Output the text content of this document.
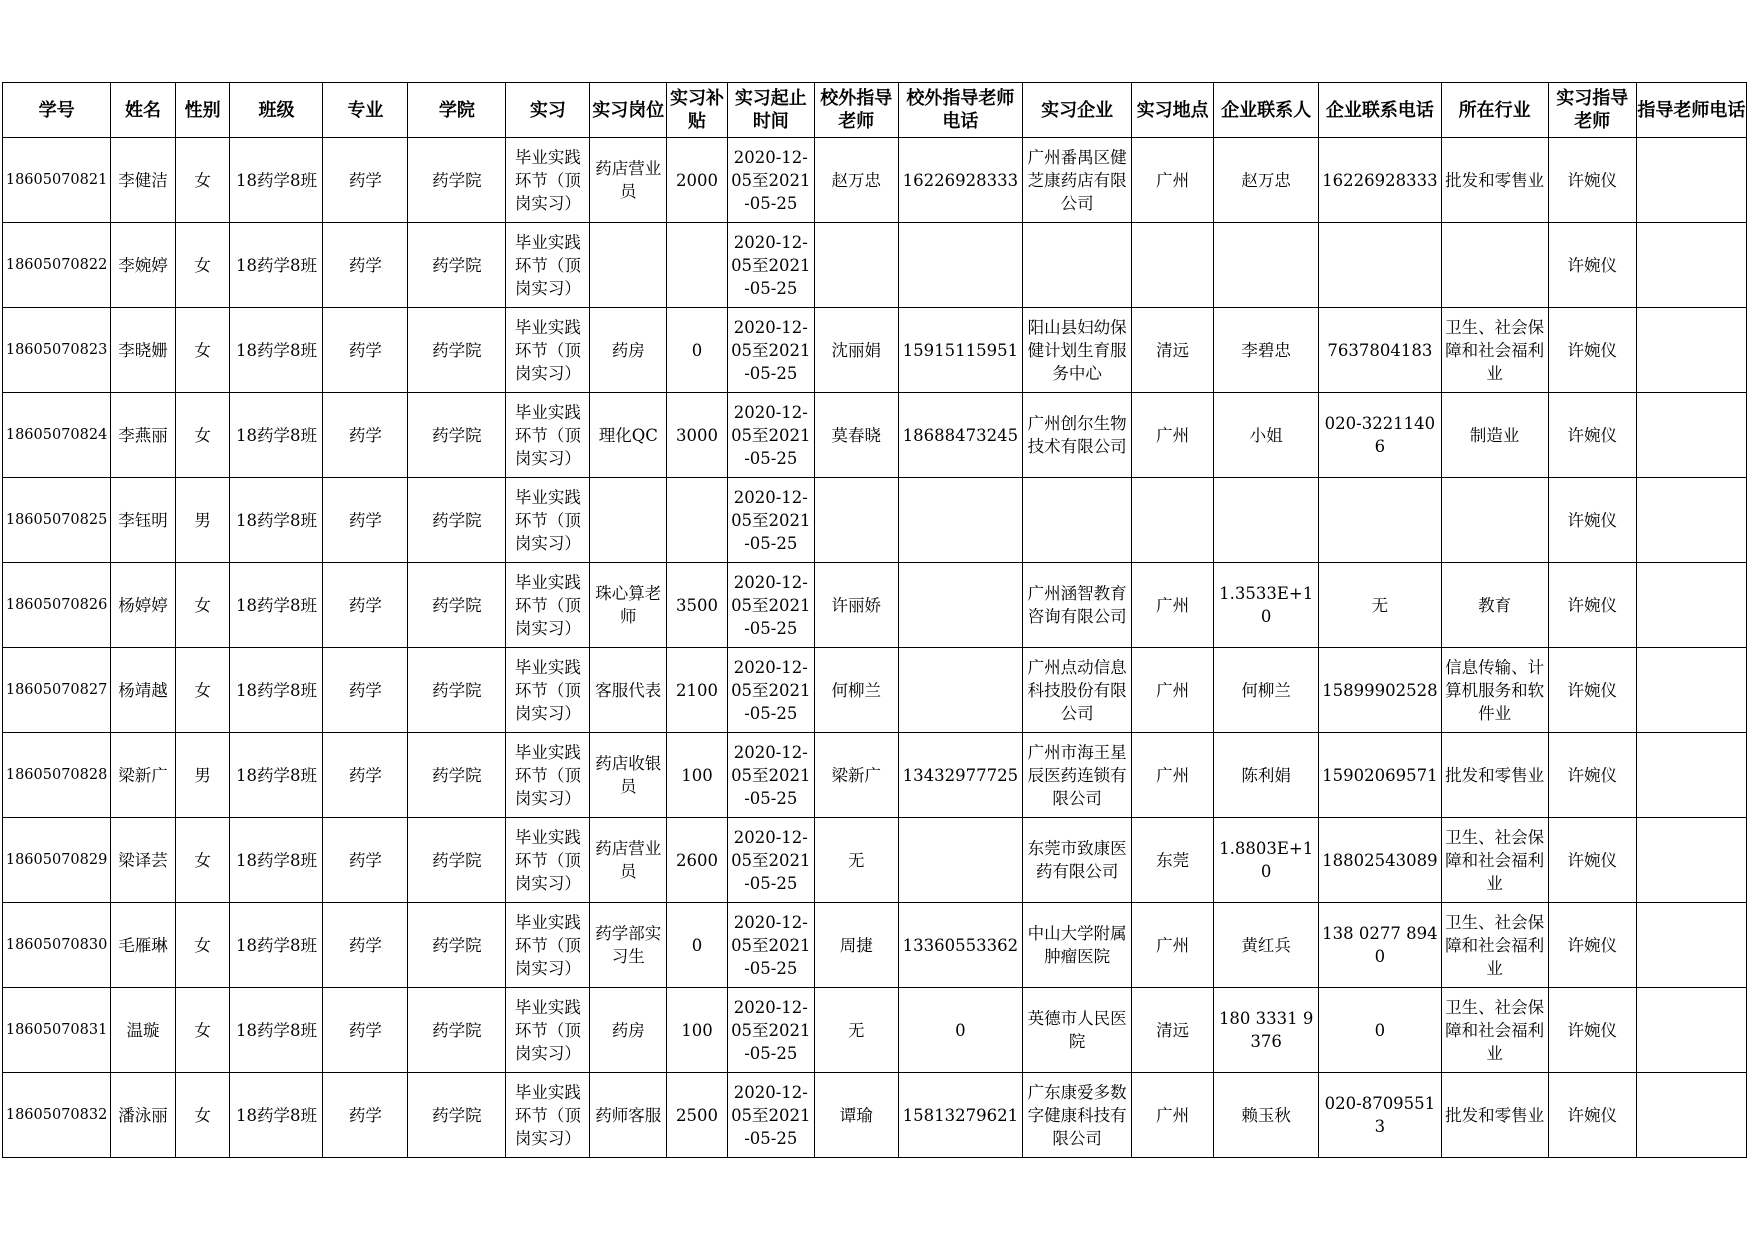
学号	姓名	性别	班级	专业	学院	实习	实习岗位	实习补贴	实习起止时间	校外指导老师	校外指导老师电话	实习企业	实习地点	企业联系人	企业联系电话	所在行业	实习指导老师	指导老师电话

18605070821	李健洁	女	18药学8班	药学	药学院	毕业实践环节（顶岗实习）	药店营业员	2000	2020-12-05至2021-05-25	赵万忠	16226928333	广州番禺区健芝康药店有限公司	广州	赵万忠	16226928333	批发和零售业	许婉仪	

18605070822	李婉婷	女	18药学8班	药学	药学院	毕业实践环节（顶岗实习）			2020-12-05至2021-05-25								许婉仪	

18605070823	李晓姗	女	18药学8班	药学	药学院	毕业实践环节（顶岗实习）	药房	0	2020-12-05至2021-05-25	沈丽娟	15915115951	阳山县妇幼保健计划生育服务中心	清远	李碧忠	7637804183	卫生、社会保障和社会福利业	许婉仪	

18605070824	李燕丽	女	18药学8班	药学	药学院	毕业实践环节（顶岗实习）	理化QC	3000	2020-12-05至2021-05-25	莫春晓	18688473245	广州创尔生物技术有限公司	广州	小姐	020-32211406	制造业	许婉仪	

18605070825	李钰明	男	18药学8班	药学	药学院	毕业实践环节（顶岗实习）			2020-12-05至2021-05-25								许婉仪	

18605070826	杨婷婷	女	18药学8班	药学	药学院	毕业实践环节（顶岗实习）	珠心算老师	3500	2020-12-05至2021-05-25	许丽娇		广州涵智教育咨询有限公司	广州	1.3533E+10	无	教育	许婉仪	

18605070827	杨靖越	女	18药学8班	药学	药学院	毕业实践环节（顶岗实习）	客服代表	2100	2020-12-05至2021-05-25	何柳兰		广州点动信息科技股份有限公司	广州	何柳兰	15899902528	信息传输、计算机服务和软件业	许婉仪	

18605070828	梁新广	男	18药学8班	药学	药学院	毕业实践环节（顶岗实习）	药店收银员	100	2020-12-05至2021-05-25	梁新广	13432977725	广州市海王星辰医药连锁有限公司	广州	陈利娟	15902069571	批发和零售业	许婉仪	

18605070829	梁译芸	女	18药学8班	药学	药学院	毕业实践环节（顶岗实习）	药店营业员	2600	2020-12-05至2021-05-25	无		东莞市致康医药有限公司	东莞	1.8803E+10	18802543089	卫生、社会保障和社会福利业	许婉仪	

18605070830	毛雁琳	女	18药学8班	药学	药学院	毕业实践环节（顶岗实习）	药学部实习生	0	2020-12-05至2021-05-25	周捷	13360553362	中山大学附属肿瘤医院	广州	黄红兵	138 0277 8940	卫生、社会保障和社会福利业	许婉仪	

18605070831	温璇	女	18药学8班	药学	药学院	毕业实践环节（顶岗实习）	药房	100	2020-12-05至2021-05-25	无	0	英德市人民医院	清远	180 3331 9376	0	卫生、社会保障和社会福利业	许婉仪	

18605070832	潘泳丽	女	18药学8班	药学	药学院	毕业实践环节（顶岗实习）	药师客服	2500	2020-12-05至2021-05-25	谭瑜	15813279621	广东康爱多数字健康科技有限公司	广州	赖玉秋	020-87095513	批发和零售业	许婉仪	
